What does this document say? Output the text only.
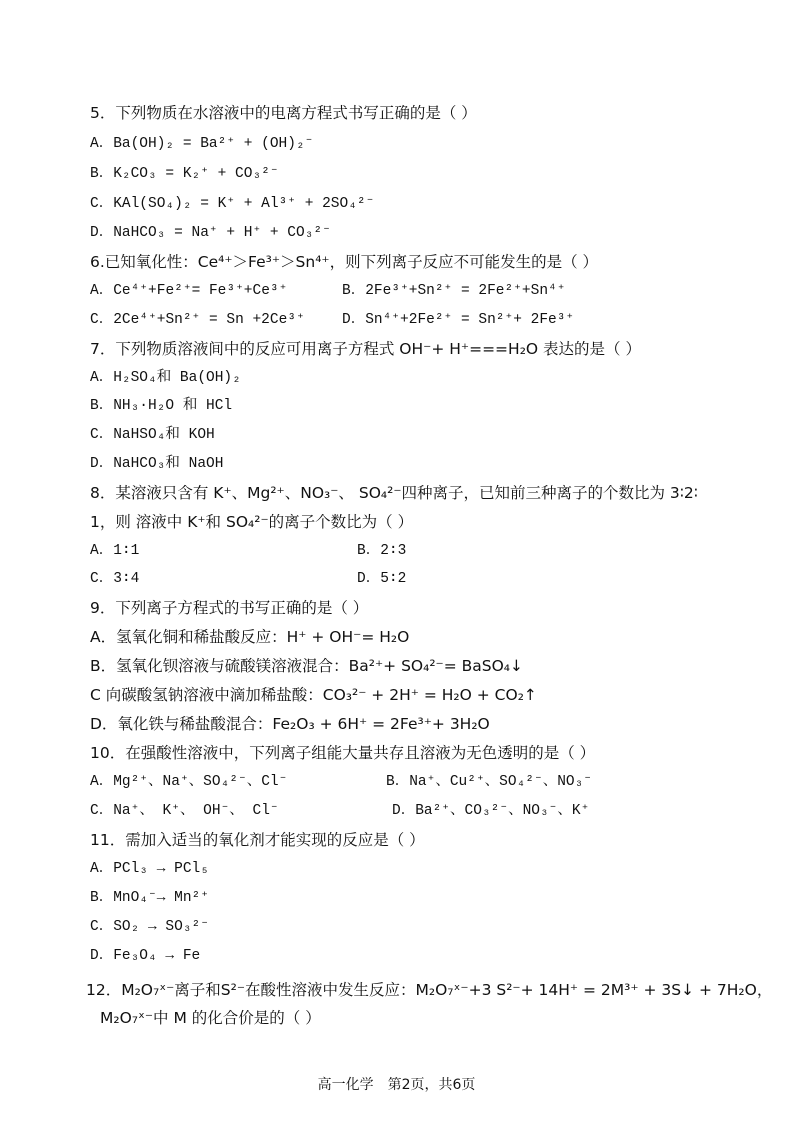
5．下列物质在水溶液中的电离方程式书写正确的是（ ）
A．Ba(OH)₂ = Ba²⁺ + (OH)₂⁻
B．K₂CO₃ = K₂⁺ + CO₃²⁻
C．KAl(SO₄)₂ = K⁺ + Al³⁺ + 2SO₄²⁻
D．NaHCO₃ = Na⁺ + H⁺ + CO₃²⁻
6.已知氧化性：Ce⁴⁺＞Fe³⁺＞Sn⁴⁺，则下列离子反应不可能发生的是（ ）
A．Ce⁴⁺+Fe²⁺= Fe³⁺+Ce³⁺	B．2Fe³⁺+Sn²⁺ = 2Fe²⁺+Sn⁴⁺
C．2Ce⁴⁺+Sn²⁺ = Sn +2Ce³⁺	D．Sn⁴⁺+2Fe²⁺ = Sn²⁺+ 2Fe³⁺
7．下列物质溶液间中的反应可用离子方程式 OH⁻+ H⁺===H₂O 表达的是（ ）
A．H₂SO₄和 Ba(OH)₂
B．NH₃·H₂O 和 HCl
C．NaHSO₄和 KOH
D．NaHCO₃和 NaOH
8．某溶液只含有 K⁺、Mg²⁺、NO₃⁻、 SO₄²⁻四种离子，已知前三种离子的个数比为 3∶2∶
1，则 溶液中 K⁺和 SO₄²⁻的离子个数比为（ ）
A．1∶1	B．2∶3
C．3∶4	D．5∶2
9．下列离子方程式的书写正确的是（ ）
A．氢氧化铜和稀盐酸反应：H⁺ + OH⁻= H₂O
B．氢氧化钡溶液与硫酸镁溶液混合：Ba²⁺+ SO₄²⁻= BaSO₄↓
C 向碳酸氢钠溶液中滴加稀盐酸：CO₃²⁻ + 2H⁺ = H₂O + CO₂↑
D．氧化铁与稀盐酸混合：Fe₂O₃ + 6H⁺ = 2Fe³⁺+ 3H₂O
10．在强酸性溶液中，下列离子组能大量共存且溶液为无色透明的是（ ）
A．Mg²⁺、Na⁺、SO₄²⁻、Cl⁻	B．Na⁺、Cu²⁺、SO₄²⁻、NO₃⁻
C．Na⁺、 K⁺、 OH⁻、 Cl⁻	D．Ba²⁺、CO₃²⁻、NO₃⁻、K⁺
11．需加入适当的氧化剂才能实现的反应是（ ）
A．PCl₃ → PCl₅
B．MnO₄⁻→ Mn²⁺
C．SO₂ → SO₃²⁻
D．Fe₃O₄ → Fe
12．M₂O₇ˣ⁻离子和S²⁻在酸性溶液中发生反应：M₂O₇ˣ⁻+3 S²⁻+ 14H⁺ = 2M³⁺ + 3S↓ + 7H₂O，
M₂O₇ˣ⁻中 M 的化合价是的（ ）
高一化学　第2页，共6页
